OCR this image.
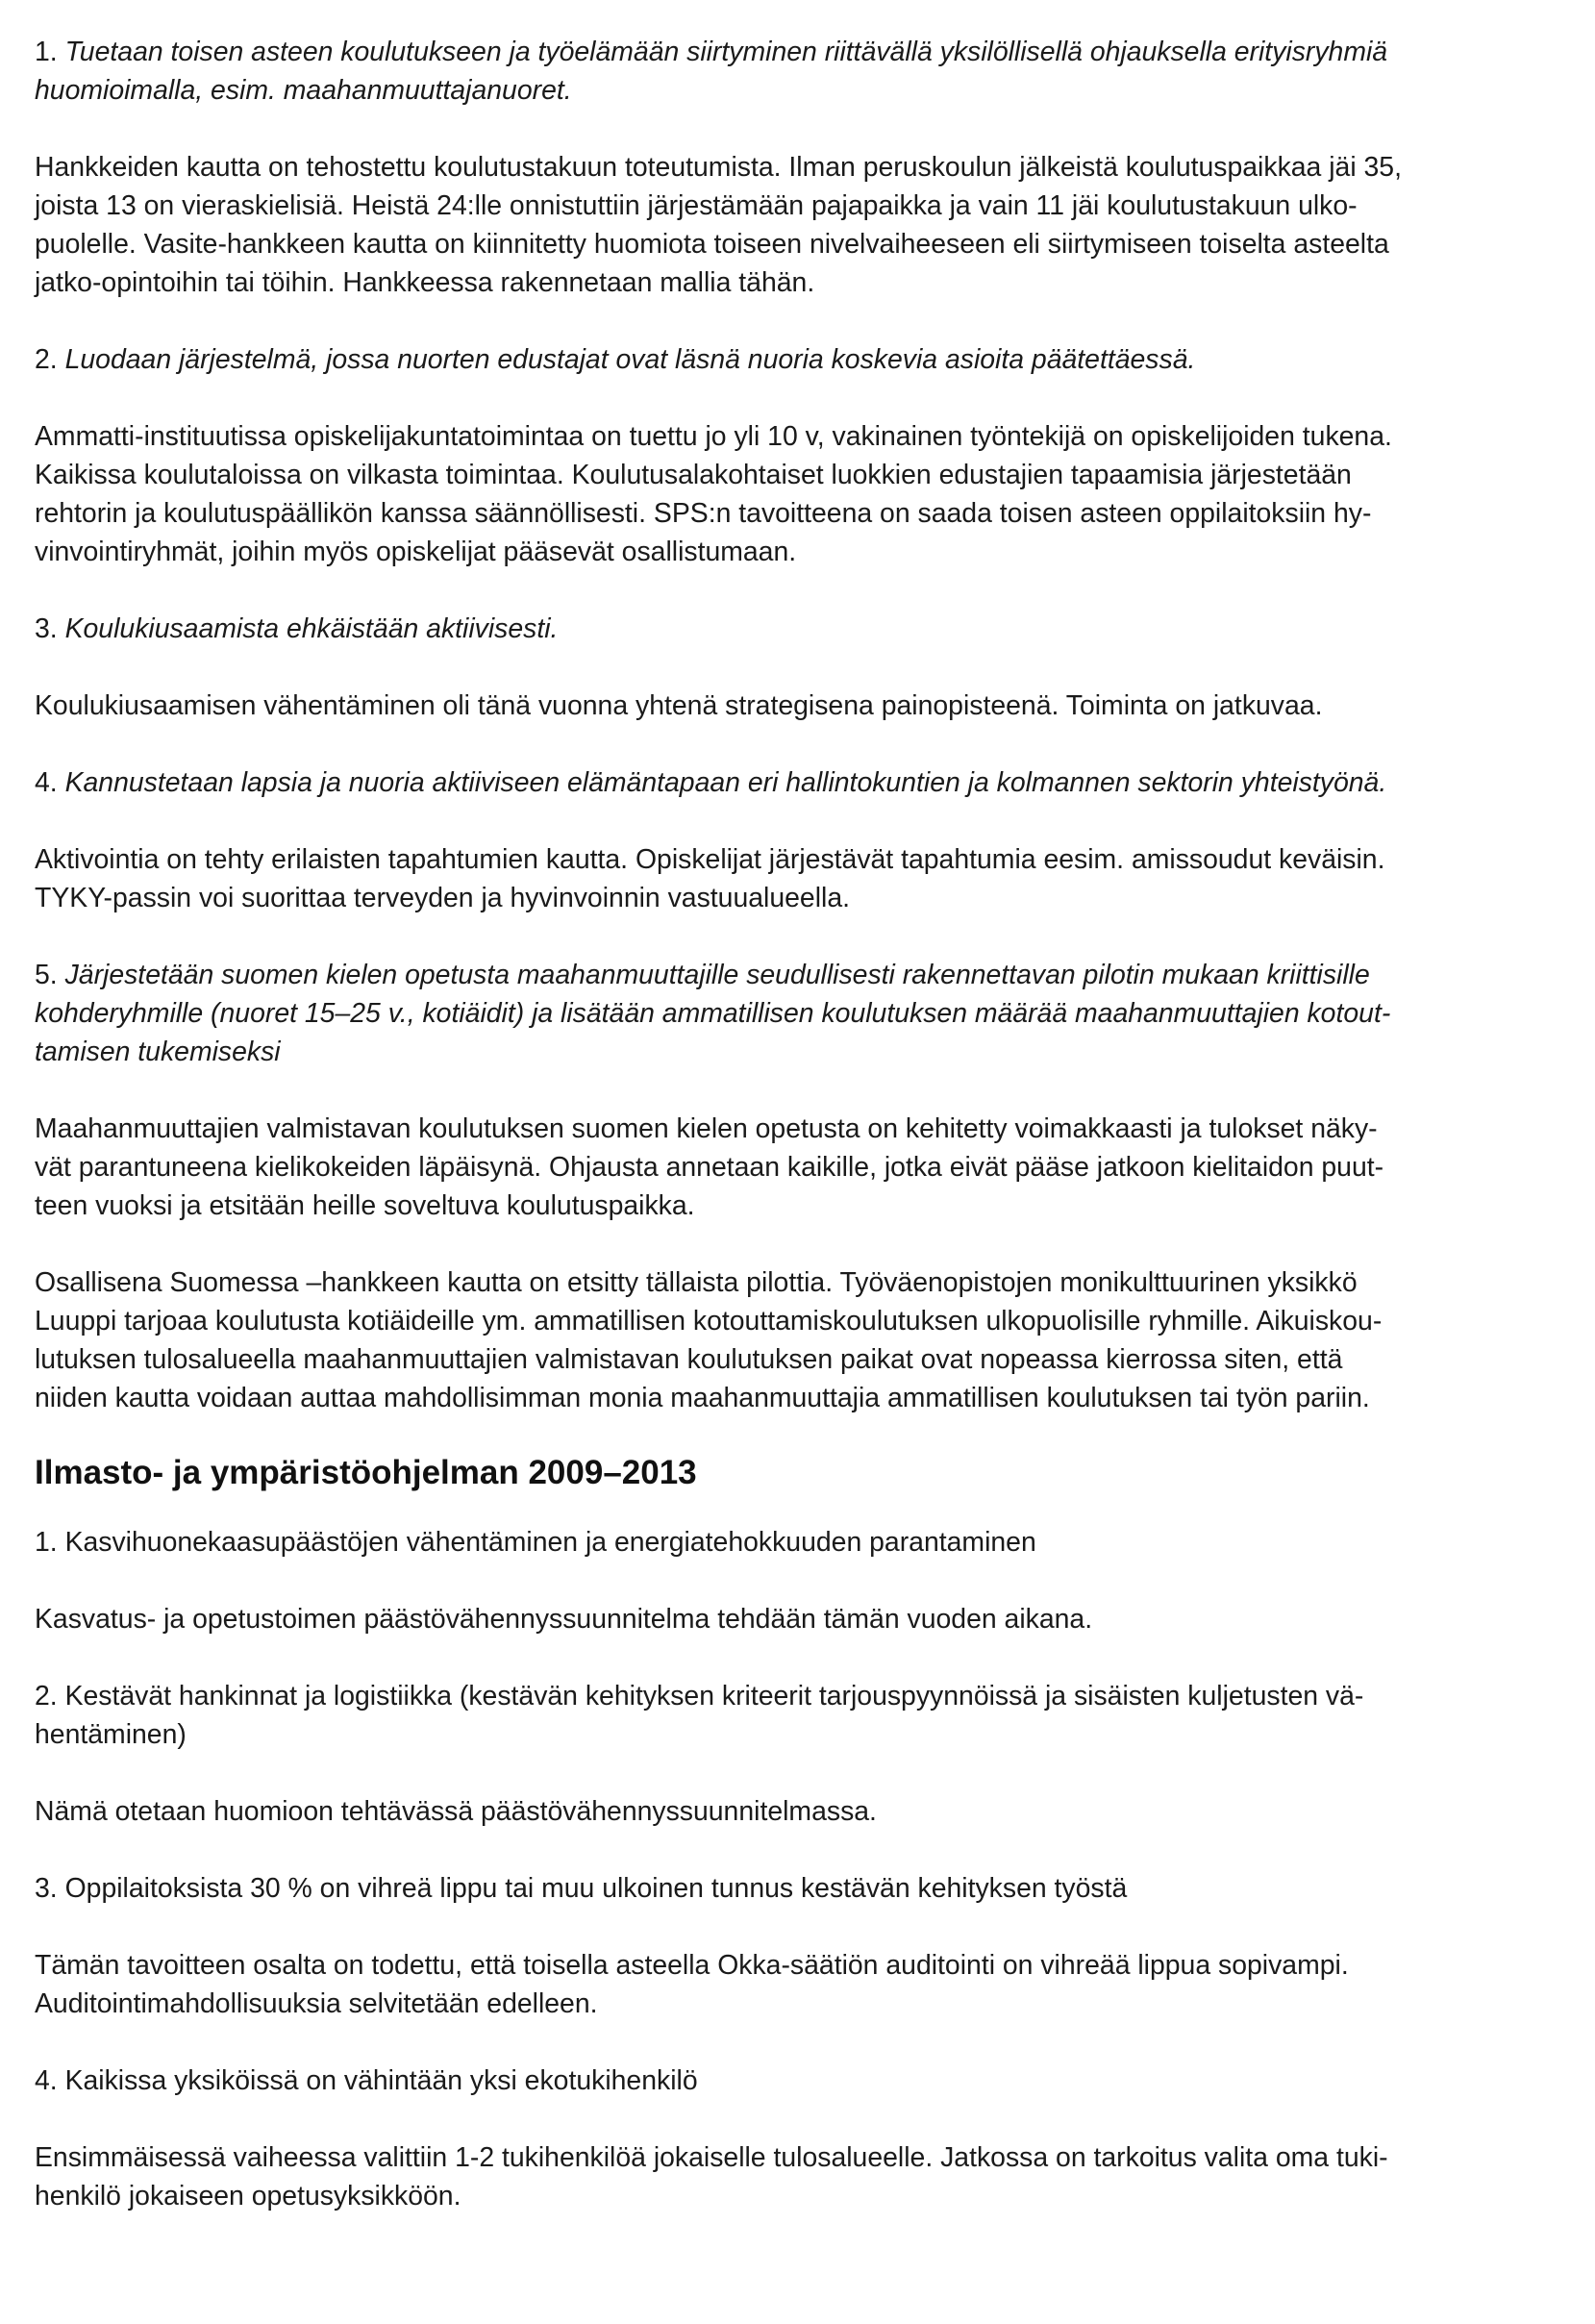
1. Tuetaan toisen asteen koulutukseen ja työelämään siirtyminen riittävällä yksilöllisellä ohjauksella erityisryhmiä
huomioimalla, esim. maahanmuuttajanuoret.

Hankkeiden kautta on tehostettu koulutustakuun toteutumista. Ilman peruskoulun jälkeistä koulutuspaikkaa jäi 35,
joista 13 on vieraskielisiä. Heistä 24:lle onnistuttiin järjestämään pajapaikka ja vain 11 jäi koulutustakuun ulko-
puolelle. Vasite-hankkeen kautta on kiinnitetty huomiota toiseen nivelvaiheeseen eli siirtymiseen toiselta asteelta
jatko-opintoihin tai töihin. Hankkeessa rakennetaan mallia tähän.

2. Luodaan järjestelmä, jossa nuorten edustajat ovat läsnä nuoria koskevia asioita päätettäessä.

Ammatti-instituutissa opiskelijakuntatoimintaa on tuettu jo yli 10 v, vakinainen työntekijä on opiskelijoiden tukena.
Kaikissa koulutaloissa on vilkasta toimintaa. Koulutusalakohtaiset luokkien edustajien tapaamisia järjestetään
rehtorin ja koulutuspäällikön kanssa säännöllisesti. SPS:n tavoitteena on saada toisen asteen oppilaitoksiin hy-
vinvointiryhmät, joihin myös opiskelijat pääsevät osallistumaan.

3. Koulukiusaamista ehkäistään aktiivisesti.

Koulukiusaamisen vähentäminen oli tänä vuonna yhtenä strategisena painopisteenä. Toiminta on jatkuvaa.

4. Kannustetaan lapsia ja nuoria aktiiviseen elämäntapaan eri hallintokuntien ja kolmannen sektorin yhteistyönä.

Aktivointia on tehty erilaisten tapahtumien kautta. Opiskelijat järjestävät tapahtumia eesim. amissoudut keväisin.
TYKY-passin voi suorittaa terveyden ja hyvinvoinnin vastuualueella.

5. Järjestetään suomen kielen opetusta maahanmuuttajille seudullisesti rakennettavan pilotin mukaan kriittisille
kohderyhmille (nuoret 15–25 v., kotiäidit) ja lisätään ammatillisen koulutuksen määrää maahanmuuttajien kotout-
tamisen tukemiseksi

Maahanmuuttajien valmistavan koulutuksen suomen kielen opetusta on kehitetty voimakkaasti ja tulokset näky-
vät parantuneena kielikokeiden läpäisynä. Ohjausta annetaan kaikille, jotka eivät pääse jatkoon kielitaidon puut-
teen vuoksi ja etsitään heille soveltuva koulutuspaikka.

Osallisena Suomessa –hankkeen kautta on etsitty tällaista pilottia. Työväenopistojen monikulttuurinen yksikkö
Luuppi tarjoaa koulutusta kotiäideille ym. ammatillisen kotouttamiskoulutuksen ulkopuolisille ryhmille. Aikuiskou-
lutuksen tulosalueella maahanmuuttajien valmistavan koulutuksen paikat ovat nopeassa kierrossa siten, että
niiden kautta voidaan auttaa mahdollisimman monia maahanmuuttajia ammatillisen koulutuksen tai työn pariin.

Ilmasto- ja ympäristöohjelman 2009–2013

1. Kasvihuonekaasupäästöjen vähentäminen ja energiatehokkuuden parantaminen

Kasvatus- ja opetustoimen päästövähennyssuunnitelma tehdään tämän vuoden aikana.

2. Kestävät hankinnat ja logistiikka (kestävän kehityksen kriteerit tarjouspyynnöissä ja sisäisten kuljetusten vä-
hentäminen)

Nämä otetaan huomioon tehtävässä päästövähennyssuunnitelmassa.

3. Oppilaitoksista 30 % on vihreä lippu tai muu ulkoinen tunnus kestävän kehityksen työstä

Tämän tavoitteen osalta on todettu, että toisella asteella Okka-säätiön auditointi on vihreää lippua sopivampi.
Auditointimahdollisuuksia selvitetään edelleen.

4. Kaikissa yksiköissä on vähintään yksi ekotukihenkilö

Ensimmäisessä vaiheessa valittiin 1-2 tukihenkilöä jokaiselle tulosalueelle. Jatkossa on tarkoitus valita oma tuki-
henkilö jokaiseen opetusyksikköön.
